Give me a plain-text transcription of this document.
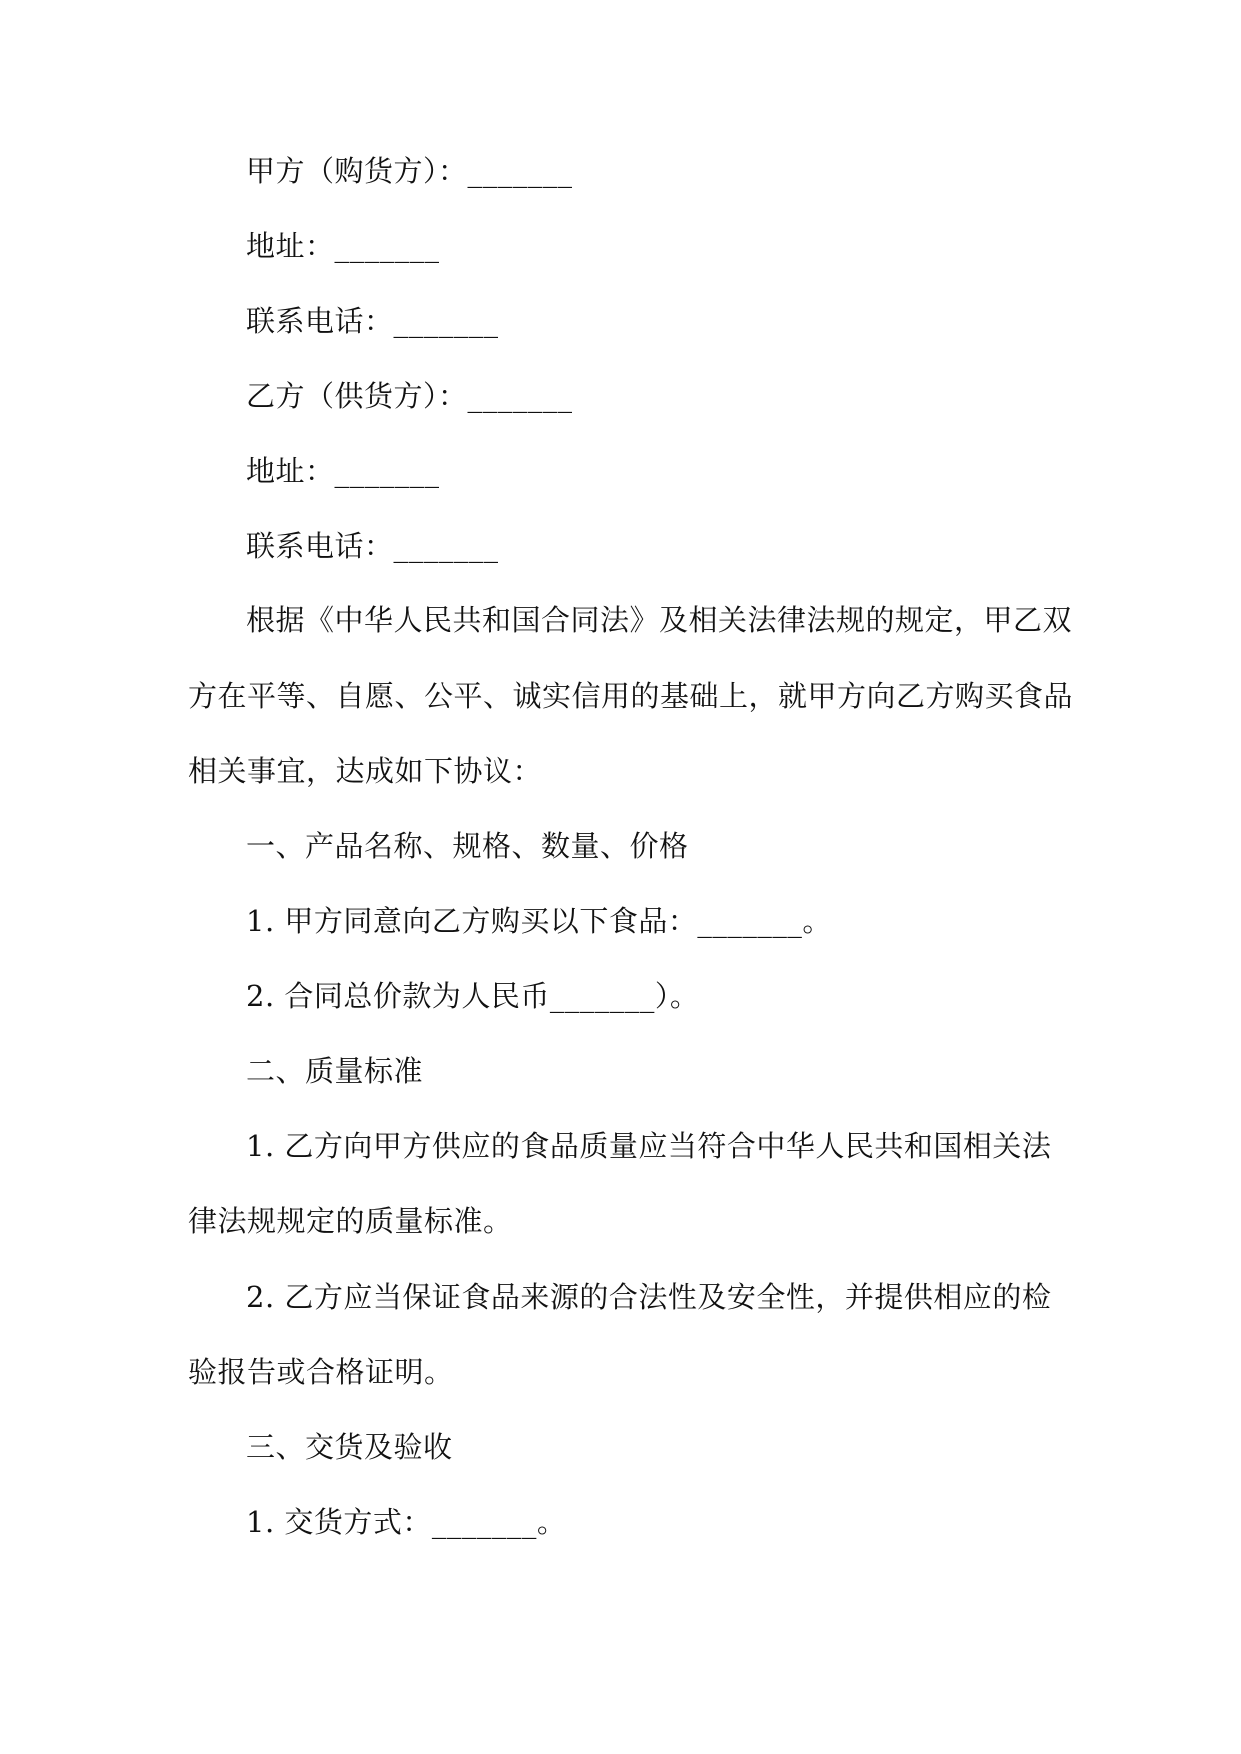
甲方（购货方）：_______
地址：_______
联系电话：_______
乙方（供货方）：_______
地址：_______
联系电话：_______
根据《中华人民共和国合同法》及相关法律法规的规定，甲乙双
方在平等、自愿、公平、诚实信用的基础上，就甲方向乙方购买食品
相关事宜，达成如下协议：
一、产品名称、规格、数量、价格
1. 甲方同意向乙方购买以下食品：_______。
2. 合同总价款为人民币_______）。
二、质量标准
1. 乙方向甲方供应的食品质量应当符合中华人民共和国相关法
律法规规定的质量标准。
2. 乙方应当保证食品来源的合法性及安全性，并提供相应的检
验报告或合格证明。
三、交货及验收
1. 交货方式：_______。
